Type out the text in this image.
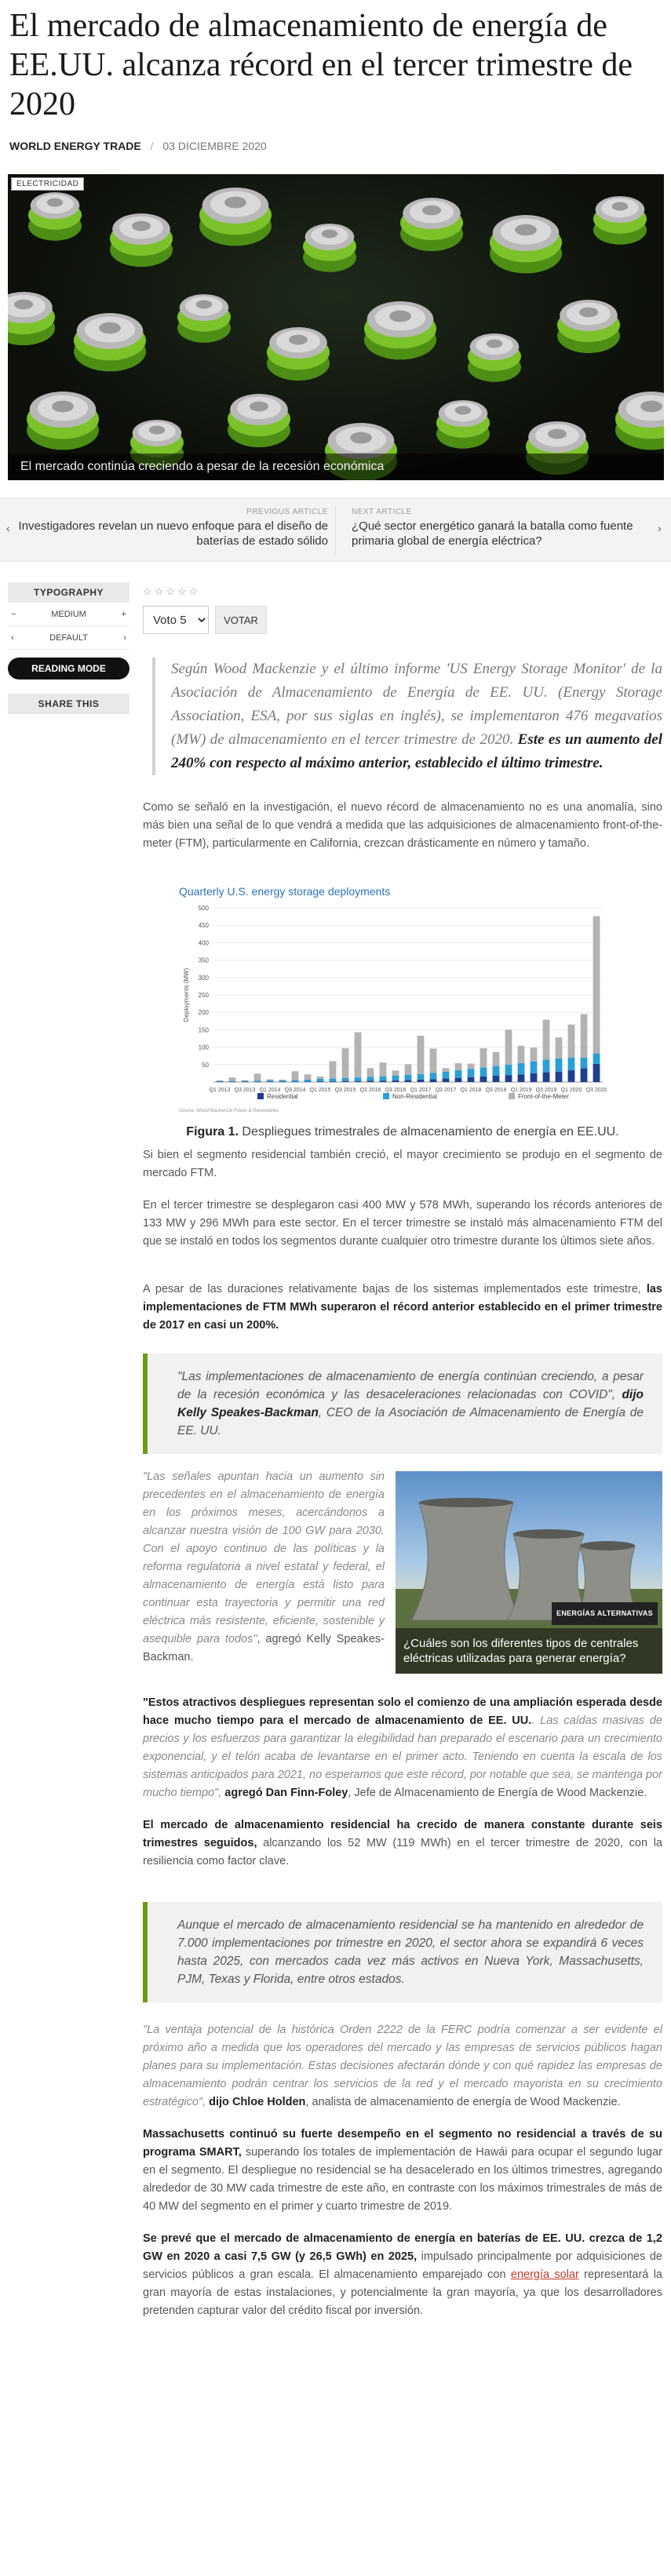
El mercado de almacenamiento de energía de EE.UU. alcanza récord en el tercer trimestre de 2020
WORLD ENERGY TRADE / 03 DICIEMBRE 2020
ELECTRICIDAD
El mercado continúa creciendo a pesar de la recesión económica
‹
PREVIOUS ARTICLE
Investigadores revelan un nuevo enfoque para el diseño de baterías de estado sólido
NEXT ARTICLE
¿Qué sector energético ganará la batalla como fuente primaria global de energía eléctrica?
›
TYPOGRAPHY
−	MEDIUM	+
‹	DEFAULT	›
READING MODE
SHARE THIS
☆☆☆☆☆
Voto 5
VOTAR
Según Wood Mackenzie y el último informe 'US Energy Storage Monitor' de la Asociación de Almacenamiento de Energía de EE. UU. (Energy Storage Association, ESA, por sus siglas en inglés), se implementaron 476 megavatios (MW) de almacenamiento en el tercer trimestre de 2020. Este es un aumento del 240% con respecto al máximo anterior, establecido el último trimestre.

Como se señaló en la investigación, el nuevo récord de almacenamiento no es una anomalía, sino más bien una señal de lo que vendrá a medida que las adquisiciones de almacenamiento front-of-the-meter (FTM), particularmente en California, crezcan drásticamente en número y tamaño.

Quarterly U.S. energy storage deployments
50
100
150
200
250
300
350
400
450
500
Deployments (MW)
Q1 2013 Q3 2013 Q1 2014 Q3 2014 Q1 2015 Q3 2015 Q1 2016 Q3 2016 Q1 2017 Q3 2017 Q1 2018 Q3 2018 Q1 2019 Q3 2019 Q1 2020 Q3 2020
Residential	Non-Residential	Front-of-the-Meter
Source: Wood Mackenzie Power & Renewables
Figura 1. Despliegues trimestrales de almacenamiento de energía en EE.UU.

Si bien el segmento residencial también creció, el mayor crecimiento se produjo en el segmento de mercado FTM.

En el tercer trimestre se desplegaron casi 400 MW y 578 MWh, superando los récords anteriores de 133 MW y 296 MWh para este sector. En el tercer trimestre se instaló más almacenamiento FTM del que se instaló en todos los segmentos durante cualquier otro trimestre durante los últimos siete años.

A pesar de las duraciones relativamente bajas de los sistemas implementados este trimestre, las implementaciones de FTM MWh superaron el récord anterior establecido en el primer trimestre de 2017 en casi un 200%.

"Las implementaciones de almacenamiento de energía continúan creciendo, a pesar de la recesión económica y las desaceleraciones relacionadas con COVID", dijo Kelly Speakes-Backman, CEO de la Asociación de Almacenamiento de Energía de EE. UU.
"Las señales apuntan hacia un aumento sin precedentes en el almacenamiento de energía en los próximos meses, acercándonos a alcanzar nuestra visión de 100 GW para 2030. Con el apoyo continuo de las políticas y la reforma regulatoria a nivel estatal y federal, el almacenamiento de energía está listo para continuar esta trayectoria y permitir una red eléctrica más resistente, eficiente, sostenible y asequible para todos", agregó Kelly Speakes-Backman.
ENERGÍAS ALTERNATIVAS
¿Cuáles son los diferentes tipos de centrales eléctricas utilizadas para generar energía?

"Estos atractivos despliegues representan solo el comienzo de una ampliación esperada desde hace mucho tiempo para el mercado de almacenamiento de EE. UU.. Las caídas masivas de precios y los esfuerzos para garantizar la elegibilidad han preparado el escenario para un crecimiento exponencial, y el telón acaba de levantarse en el primer acto. Teniendo en cuenta la escala de los sistemas anticipados para 2021, no esperamos que este récord, por notable que sea, se mantenga por mucho tiempo", agregó Dan Finn-Foley, Jefe de Almacenamiento de Energía de Wood Mackenzie.

El mercado de almacenamiento residencial ha crecido de manera constante durante seis trimestres seguidos, alcanzando los 52 MW (119 MWh) en el tercer trimestre de 2020, con la resiliencia como factor clave.

Aunque el mercado de almacenamiento residencial se ha mantenido en alrededor de 7.000 implementaciones por trimestre en 2020, el sector ahora se expandirá 6 veces hasta 2025, con mercados cada vez más activos en Nueva York, Massachusetts, PJM, Texas y Florida, entre otros estados.

"La ventaja potencial de la histórica Orden 2222 de la FERC podría comenzar a ser evidente el próximo año a medida que los operadores del mercado y las empresas de servicios públicos hagan planes para su implementación. Estas decisiones afectarán dónde y con qué rapidez las empresas de almacenamiento podrán centrar los servicios de la red y el mercado mayorista en su crecimiento estratégico", dijo Chloe Holden, analista de almacenamiento de energía de Wood Mackenzie.

Massachusetts continuó su fuerte desempeño en el segmento no residencial a través de su programa SMART, superando los totales de implementación de Hawái para ocupar el segundo lugar en el segmento. El despliegue no residencial se ha desacelerado en los últimos trimestres, agregando alrededor de 30 MW cada trimestre de este año, en contraste con los máximos trimestrales de más de 40 MW del segmento en el primer y cuarto trimestre de 2019.

Se prevé que el mercado de almacenamiento de energía en baterías de EE. UU. crezca de 1,2 GW en 2020 a casi 7,5 GW (y 26,5 GWh) en 2025, impulsado principalmente por adquisiciones de servicios públicos a gran escala. El almacenamiento emparejado con energía solar representará la gran mayoría de estas instalaciones, y potencialmente la gran mayoría, ya que los desarrolladores pretenden capturar valor del crédito fiscal por inversión.
